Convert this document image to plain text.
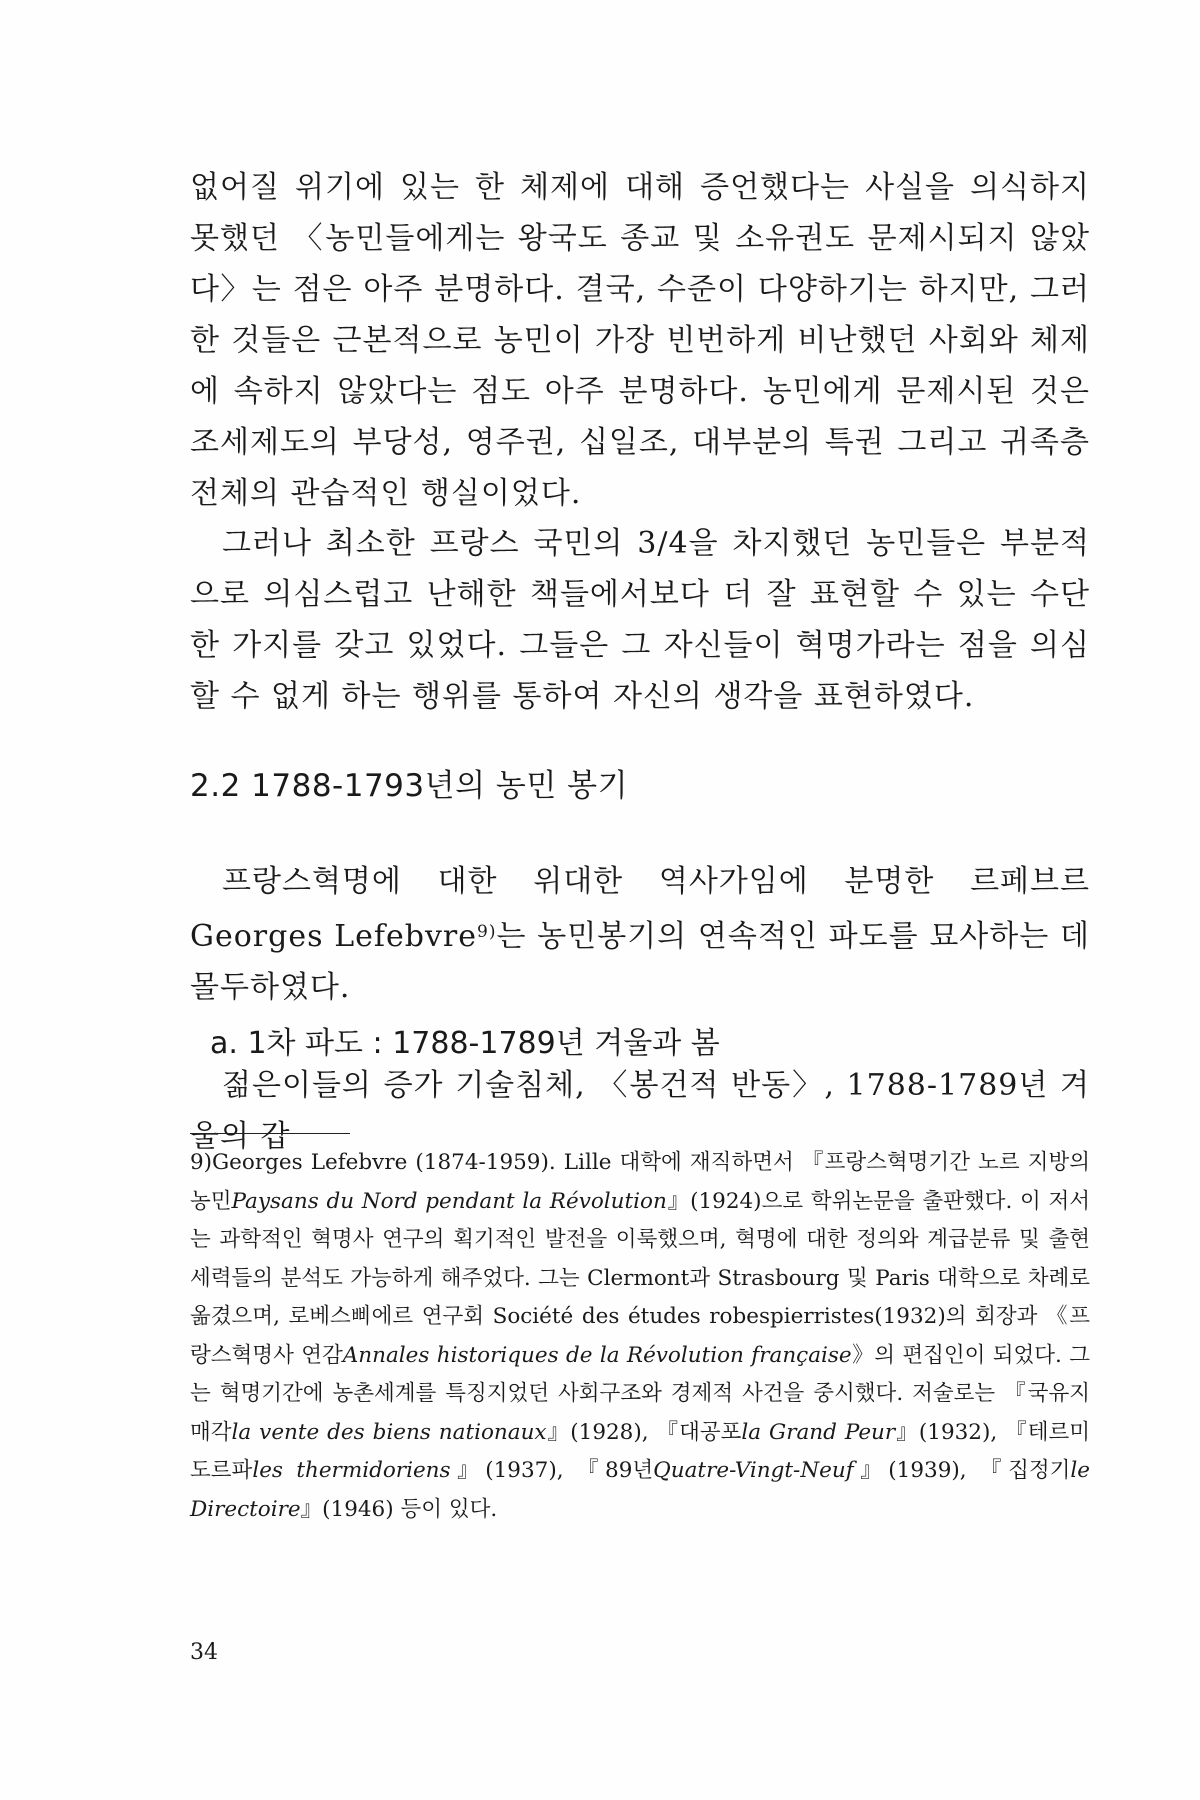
없어질 위기에 있는 한 체제에 대해 증언했다는 사실을 의식하지 못했던 〈농민들에게는 왕국도 종교 및 소유권도 문제시되지 않았다〉는 점은 아주 분명하다. 결국, 수준이 다양하기는 하지만, 그러한 것들은 근본적으로 농민이 가장 빈번하게 비난했던 사회와 체제에 속하지 않았다는 점도 아주 분명하다. 농민에게 문제시된 것은 조세제도의 부당성, 영주권, 십일조, 대부분의 특권 그리고 귀족층 전체의 관습적인 행실이었다.

그러나 최소한 프랑스 국민의 3/4을 차지했던 농민들은 부분적으로 의심스럽고 난해한 책들에서보다 더 잘 표현할 수 있는 수단 한 가지를 갖고 있었다. 그들은 그 자신들이 혁명가라는 점을 의심할 수 없게 하는 행위를 통하여 자신의 생각을 표현하였다.

2.2 1788-1793년의 농민 봉기

프랑스혁명에 대한 위대한 역사가임에 분명한 르페브르 Georges Lefebvre$^{9)}$는 농민봉기의 연속적인 파도를 묘사하는 데 몰두하였다.

a. 1차 파도 : 1788-1789년 겨울과 봄

젊은이들의 증가 기술침체, 〈봉건적 반동〉, 1788-1789년 겨울의 갑

9)Georges Lefebvre (1874-1959). Lille 대학에 재직하면서 『프랑스혁명기간 노르 지방의 농민Paysans du Nord pendant la Révolution』(1924)으로 학위논문을 출판했다. 이 저서는 과학적인 혁명사 연구의 획기적인 발전을 이룩했으며, 혁명에 대한 정의와 계급분류 및 출현 세력들의 분석도 가능하게 해주었다. 그는 Clermont과 Strasbourg 및 Paris 대학으로 차례로 옮겼으며, 로베스삐에르 연구회 Société des études robespierristes(1932)의 회장과 《프랑스혁명사 연감Annales historiques de la Révolution française》의 편집인이 되었다. 그는 혁명기간에 농촌세계를 특징지었던 사회구조와 경제적 사건을 중시했다. 저술로는 『국유지 매각la vente des biens nationaux』(1928), 『대공포la Grand Peur』(1932), 『테르미도르파les thermidoriens』(1937), 『89년Quatre-Vingt-Neuf』(1939), 『집정기le Directoire』(1946) 등이 있다.
34
